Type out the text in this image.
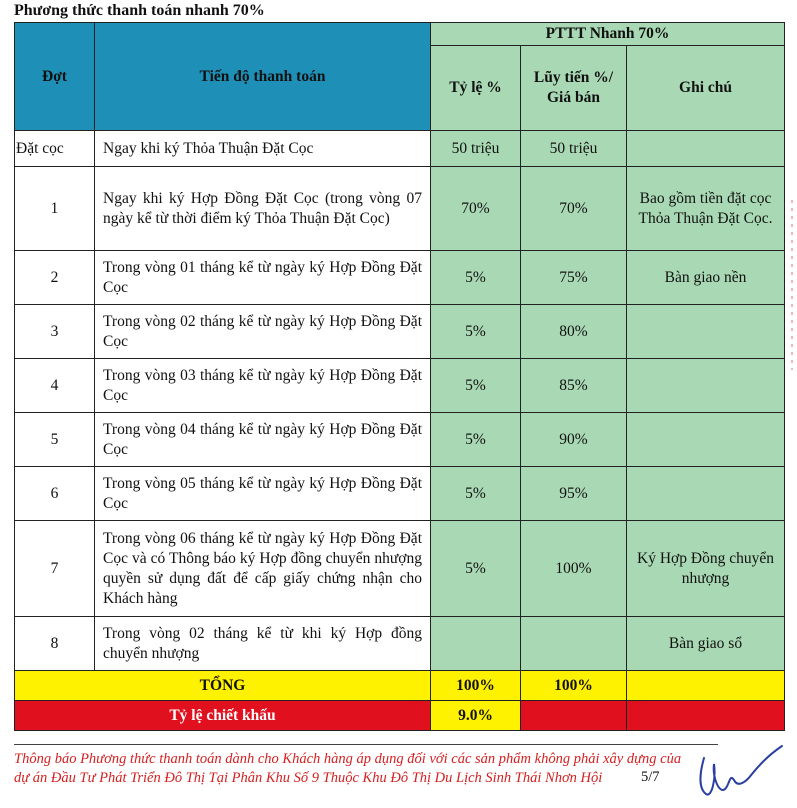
Phương thức thanh toán nhanh 70%
Đợt	Tiến độ thanh toán	PTTT Nhanh 70%		
		Tỷ lệ %	Lũy tiến %/ Giá bán	Ghi chú
Đặt cọc	Ngay khi ký Thỏa Thuận Đặt Cọc	50 triệu	50 triệu	
1	Ngay khi ký Hợp Đồng Đặt Cọc (trong vòng 07 ngày kể từ thời điểm ký Thỏa Thuận Đặt Cọc)	70%	70%	Bao gồm tiền đặt cọc Thỏa Thuận Đặt Cọc.
2	Trong vòng 01 tháng kể từ ngày ký Hợp Đồng Đặt Cọc	5%	75%	Bàn giao nền
3	Trong vòng 02 tháng kể từ ngày ký Hợp Đồng Đặt Cọc	5%	80%	
4	Trong vòng 03 tháng kể từ ngày ký Hợp Đồng Đặt Cọc	5%	85%	
5	Trong vòng 04 tháng kể từ ngày ký Hợp Đồng Đặt Cọc	5%	90%	
6	Trong vòng 05 tháng kể từ ngày ký Hợp Đồng Đặt Cọc	5%	95%	
7	Trong vòng 06 tháng kể từ ngày ký Hợp Đồng Đặt Cọc và có Thông báo ký Hợp đồng chuyển nhượng quyền sử dụng đất để cấp giấy chứng nhận cho Khách hàng	5%	100%	Ký Hợp Đồng chuyển nhượng
8	Trong vòng 02 tháng kể từ khi ký Hợp đồng chuyển nhượng			Bàn giao sổ
TỔNG		100%	100%	
Tỷ lệ chiết khấu		9.0%		
Thông báo Phương thức thanh toán dành cho Khách hàng áp dụng đối với các sản phẩm không phải xây dựng của
dự án Đầu Tư Phát Triển Đô Thị Tại Phân Khu Số 9 Thuộc Khu Đô Thị Du Lịch Sinh Thái Nhơn Hội	5/7
